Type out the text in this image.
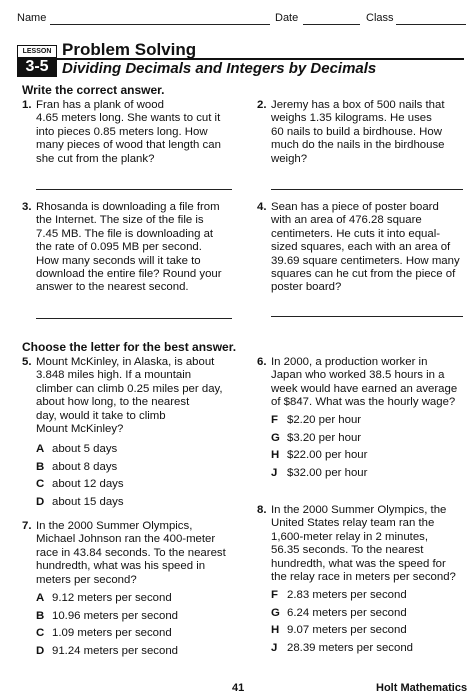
Name	Date	Class
LESSON
3-5
Problem Solving
Dividing Decimals and Integers by Decimals
Write the correct answer.
1. Fran has a plank of wood
4.65 meters long. She wants to cut it
into pieces 0.85 meters long. How
many pieces of wood that length can
she cut from the plank?

2. Jeremy has a box of 500 nails that
weighs 1.35 kilograms. He uses
60 nails to build a birdhouse. How
much do the nails in the birdhouse
weigh?

3. Rhosanda is downloading a file from
the Internet. The size of the file is
7.45 MB. The file is downloading at
the rate of 0.095 MB per second.
How many seconds will it take to
download the entire file? Round your
answer to the nearest second.

4. Sean has a piece of poster board
with an area of 476.28 square
centimeters. He cuts it into equal-
sized squares, each with an area of
39.69 square centimeters. How many
squares can he cut from the piece of
poster board?

Choose the letter for the best answer.
5. Mount McKinley, in Alaska, is about
3.848 miles high. If a mountain
climber can climb 0.25 miles per day,
about how long, to the nearest
day, would it take to climb
Mount McKinley?

A about 5 days
B about 8 days
C about 12 days
D about 15 days
6. In 2000, a production worker in
Japan who worked 38.5 hours in a
week would have earned an average
of $847. What was the hourly wage?

F $2.20 per hour
G $3.20 per hour
H $22.00 per hour
J $32.00 per hour
7. In the 2000 Summer Olympics,
Michael Johnson ran the 400-meter
race in 43.84 seconds. To the nearest
hundredth, what was his speed in
meters per second?

A 9.12 meters per second
B 10.96 meters per second
C 1.09 meters per second
D 91.24 meters per second
8. In the 2000 Summer Olympics, the
United States relay team ran the
1,600-meter relay in 2 minutes,
56.35 seconds. To the nearest
hundredth, what was the speed for
the relay race in meters per second?

F 2.83 meters per second
G 6.24 meters per second
H 9.07 meters per second
J 28.39 meters per second
41	Holt Mathematics
